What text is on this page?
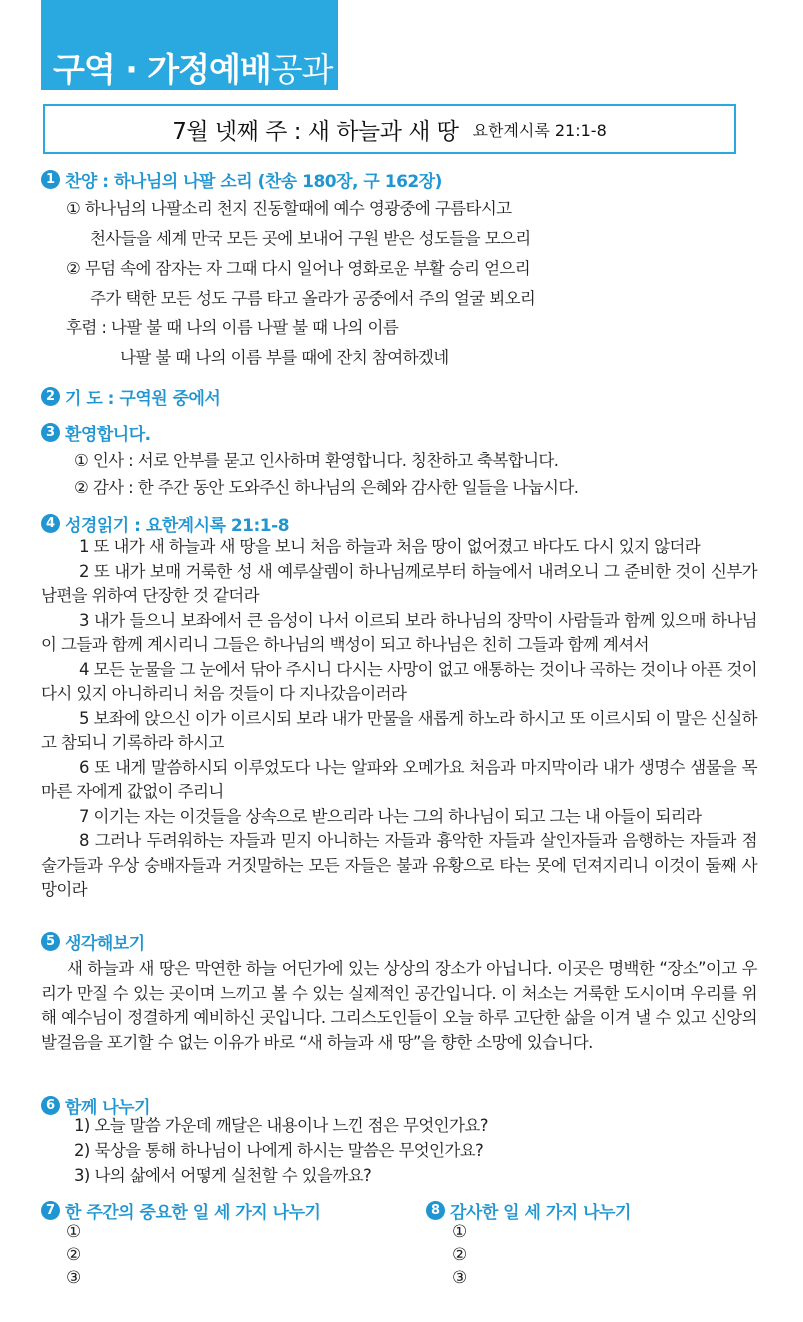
구역 · 가정예배 공과
7월 넷째 주 : 새 하늘과 새 땅 요한계시록 21:1-8
1 찬양 : 하나님의 나팔 소리 (찬송 180장, 구 162장)
① 하나님의 나팔소리 천지 진동할때에 예수 영광중에 구름타시고
천사들을 세계 만국 모든 곳에 보내어 구원 받은 성도들을 모으리
② 무덤 속에 잠자는 자 그때 다시 일어나 영화로운 부활 승리 얻으리
주가 택한 모든 성도 구름 타고 올라가 공중에서 주의 얼굴 뵈오리
후렴 : 나팔 불 때 나의 이름 나팔 불 때 나의 이름
나팔 불 때 나의 이름 부를 때에 잔치 참여하겠네
2 기 도 : 구역원 중에서
3 환영합니다.
① 인사 : 서로 안부를 묻고 인사하며 환영합니다. 칭찬하고 축복합니다.
② 감사 : 한 주간 동안 도와주신 하나님의 은혜와 감사한 일들을 나눕시다.
4 성경읽기 : 요한계시록 21:1-8

1 또 내가 새 하늘과 새 땅을 보니 처음 하늘과 처음 땅이 없어졌고 바다도 다시 있지 않더라

2 또 내가 보매 거룩한 성 새 예루살렘이 하나님께로부터 하늘에서 내려오니 그 준비한 것이 신부가 남편을 위하여 단장한 것 같더라

3 내가 들으니 보좌에서 큰 음성이 나서 이르되 보라 하나님의 장막이 사람들과 함께 있으매 하나님이 그들과 함께 계시리니 그들은 하나님의 백성이 되고 하나님은 친히 그들과 함께 계셔서

4 모든 눈물을 그 눈에서 닦아 주시니 다시는 사망이 없고 애통하는 것이나 곡하는 것이나 아픈 것이 다시 있지 아니하리니 처음 것들이 다 지나갔음이러라

5 보좌에 앉으신 이가 이르시되 보라 내가 만물을 새롭게 하노라 하시고 또 이르시되 이 말은 신실하고 참되니 기록하라 하시고

6 또 내게 말씀하시되 이루었도다 나는 알파와 오메가요 처음과 마지막이라 내가 생명수 샘물을 목마른 자에게 값없이 주리니

7 이기는 자는 이것들을 상속으로 받으리라 나는 그의 하나님이 되고 그는 내 아들이 되리라

8 그러나 두려워하는 자들과 믿지 아니하는 자들과 흉악한 자들과 살인자들과 음행하는 자들과 점술가들과 우상 숭배자들과 거짓말하는 모든 자들은 불과 유황으로 타는 못에 던져지리니 이것이 둘째 사망이라

5 생각해보기

새 하늘과 새 땅은 막연한 하늘 어딘가에 있는 상상의 장소가 아닙니다. 이곳은 명백한 “장소”이고 우리가 만질 수 있는 곳이며 느끼고 볼 수 있는 실제적인 공간입니다. 이 처소는 거룩한 도시이며 우리를 위해 예수님이 정결하게 예비하신 곳입니다. 그리스도인들이 오늘 하루 고단한 삶을 이겨 낼 수 있고 신앙의 발걸음을 포기할 수 없는 이유가 바로 “새 하늘과 새 땅”을 향한 소망에 있습니다.

6 함께 나누기
1) 오늘 말씀 가운데 깨달은 내용이나 느낀 점은 무엇인가요?
2) 묵상을 통해 하나님이 나에게 하시는 말씀은 무엇인가요?
3) 나의 삶에서 어떻게 실천할 수 있을까요?
7 한 주간의 중요한 일 세 가지 나누기
①
②
③
8 감사한 일 세 가지 나누기
①
②
③
